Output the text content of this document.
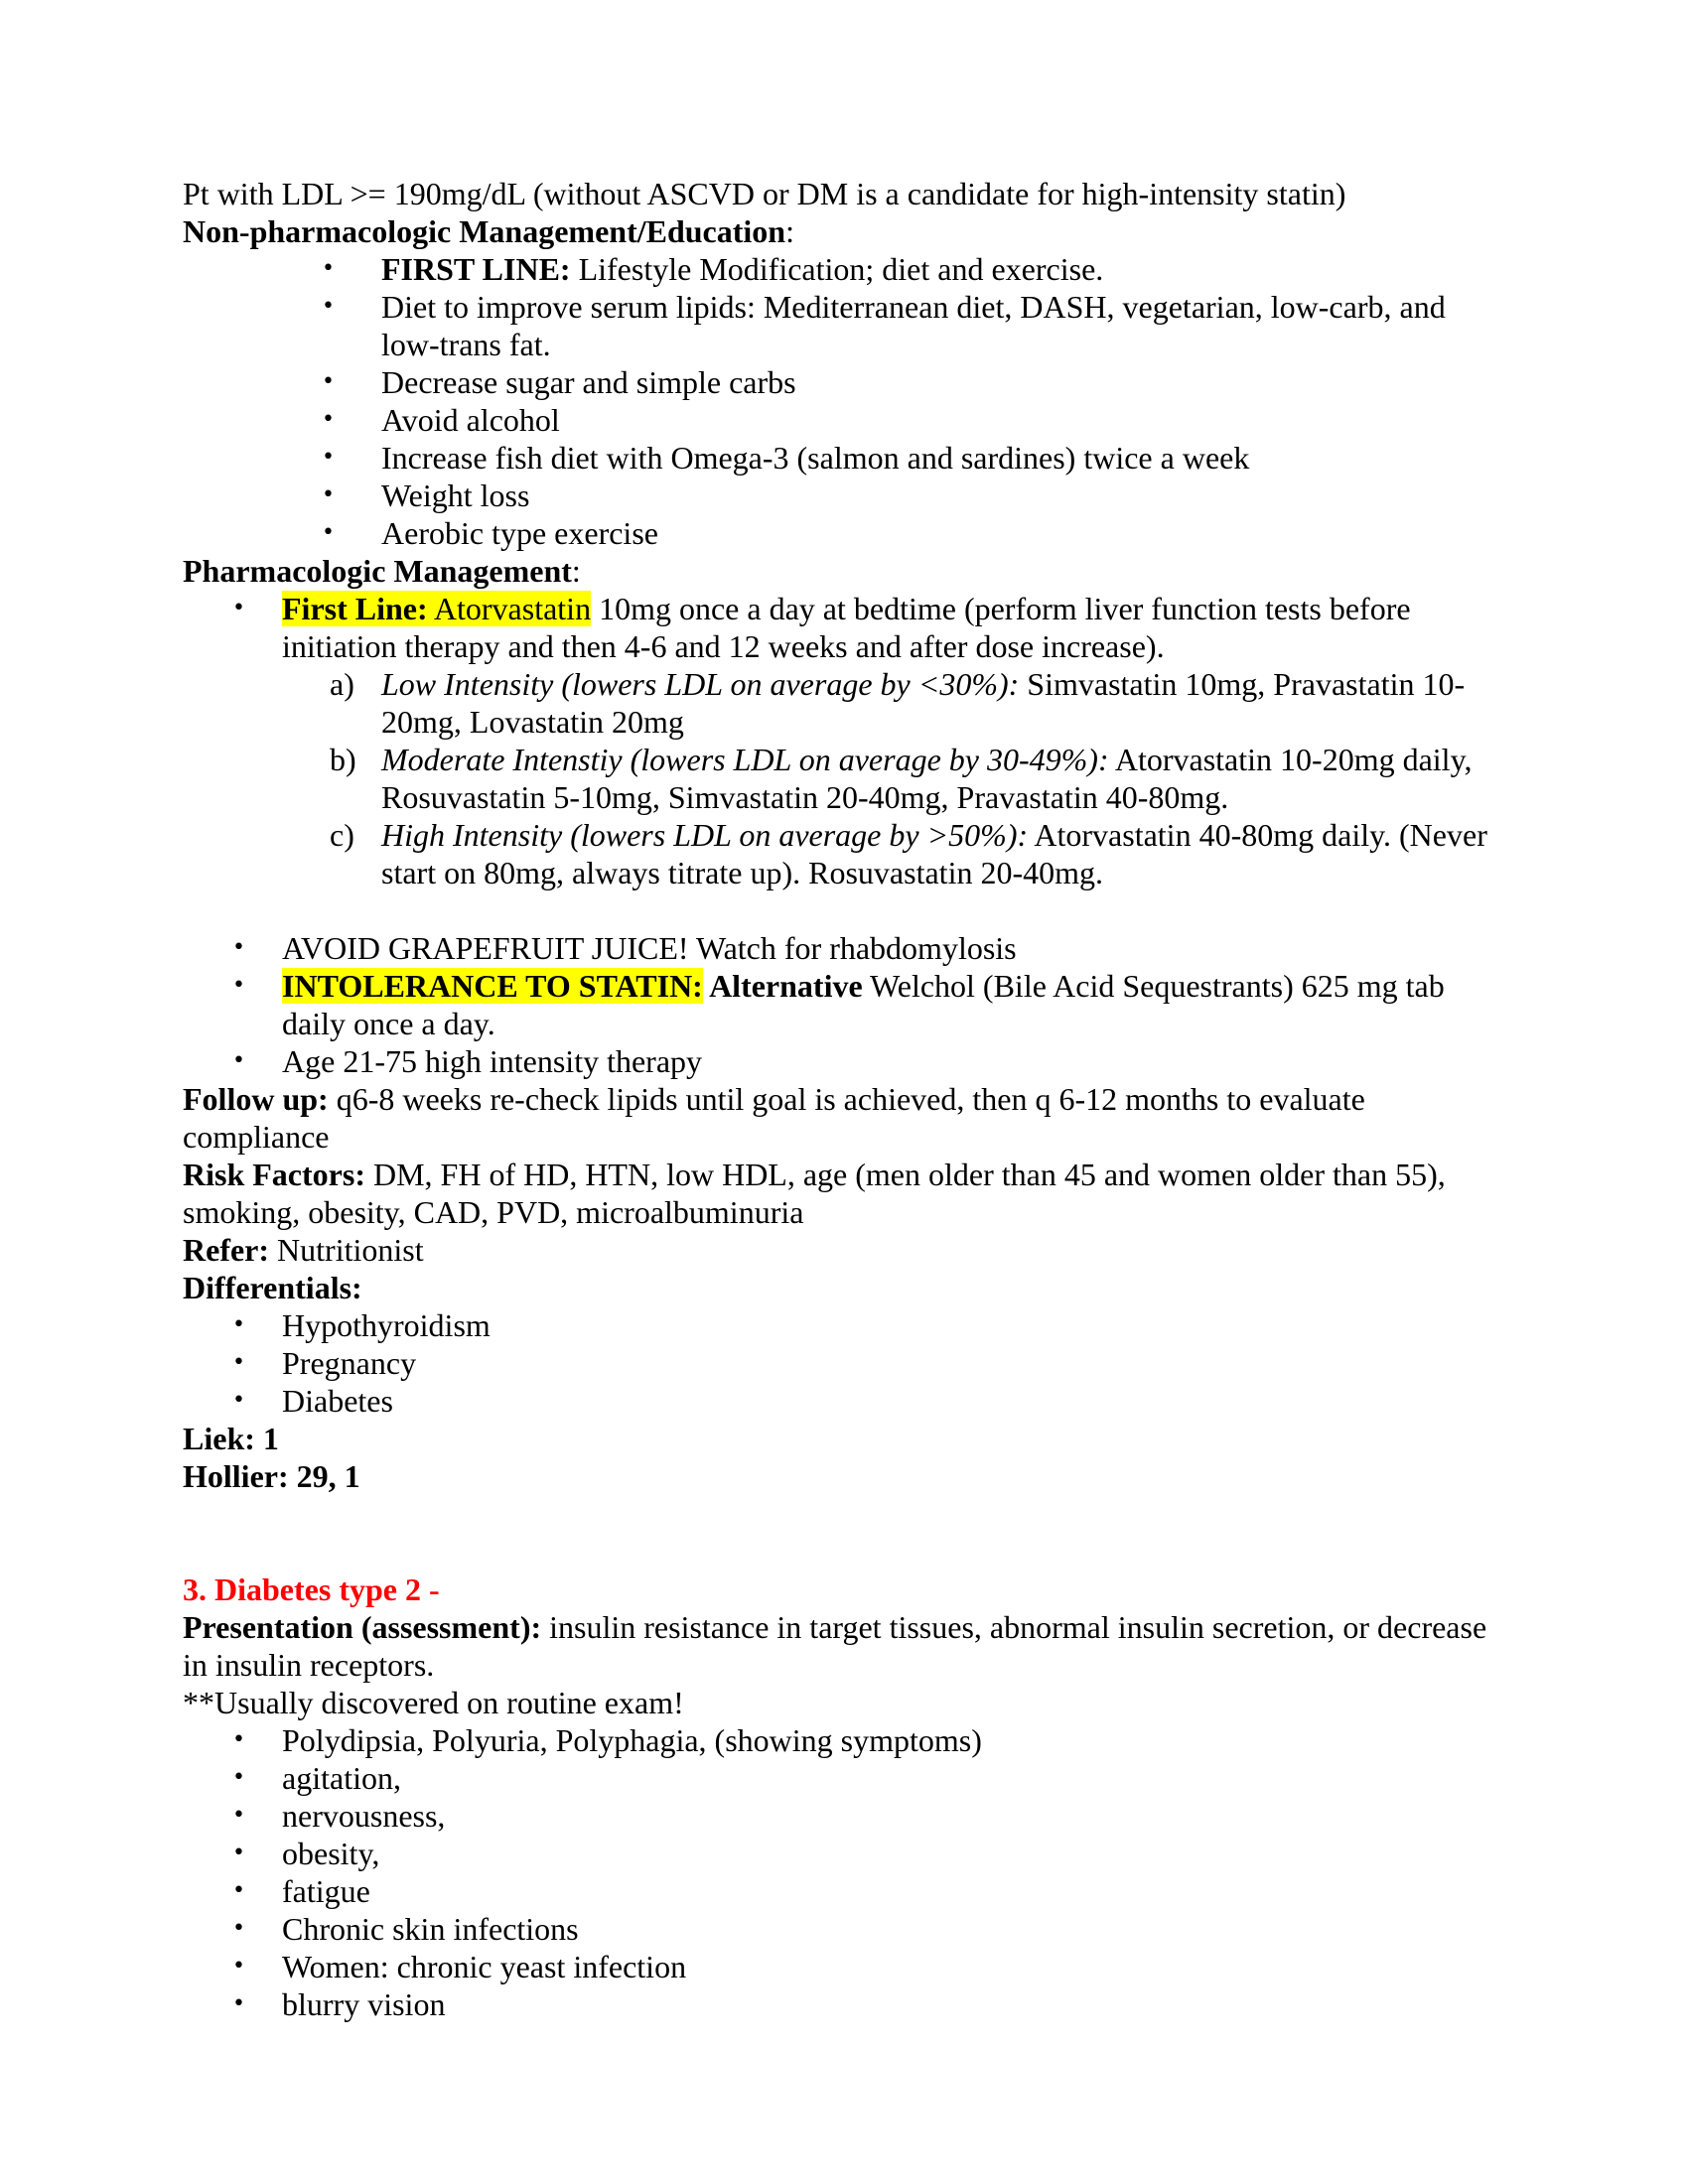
Pt with LDL >= 190mg/dL (without ASCVD or DM is a candidate for high-intensity statin)

Non-pharmacologic Management/Education:

• FIRST LINE: Lifestyle Modification; diet and exercise.
• Diet to improve serum lipids: Mediterranean diet, DASH, vegetarian, low-carb, and low-trans fat.
• Decrease sugar and simple carbs
• Avoid alcohol
• Increase fish diet with Omega-3 (salmon and sardines) twice a week
• Weight loss
• Aerobic type exercise

Pharmacologic Management:

• First Line: Atorvastatin 10mg once a day at bedtime (perform liver function tests before initiation therapy and then 4-6 and 12 weeks and after dose increase).
a) Low Intensity (lowers LDL on average by <30%): Simvastatin 10mg, Pravastatin 10-20mg, Lovastatin 20mg
b) Moderate Intenstiy (lowers LDL on average by 30-49%): Atorvastatin 10-20mg daily, Rosuvastatin 5-10mg, Simvastatin 20-40mg, Pravastatin 40-80mg.
c) High Intensity (lowers LDL on average by >50%): Atorvastatin 40-80mg daily. (Never start on 80mg, always titrate up). Rosuvastatin 20-40mg.
• AVOID GRAPEFRUIT JUICE! Watch for rhabdomylosis
• INTOLERANCE TO STATIN: Alternative Welchol (Bile Acid Sequestrants) 625 mg tab daily once a day.
• Age 21-75 high intensity therapy

Follow up: q6-8 weeks re-check lipids until goal is achieved, then q 6-12 months to evaluate compliance

Risk Factors: DM, FH of HD, HTN, low HDL, age (men older than 45 and women older than 55), smoking, obesity, CAD, PVD, microalbuminuria

Refer: Nutritionist

Differentials:

• Hypothyroidism
• Pregnancy
• Diabetes

Liek: 1

Hollier: 29, 1

3. Diabetes type 2 -

Presentation (assessment): insulin resistance in target tissues, abnormal insulin secretion, or decrease in insulin receptors.

**Usually discovered on routine exam!

• Polydipsia, Polyuria, Polyphagia, (showing symptoms)
• agitation,
• nervousness,
• obesity,
• fatigue
• Chronic skin infections
• Women: chronic yeast infection
• blurry vision
